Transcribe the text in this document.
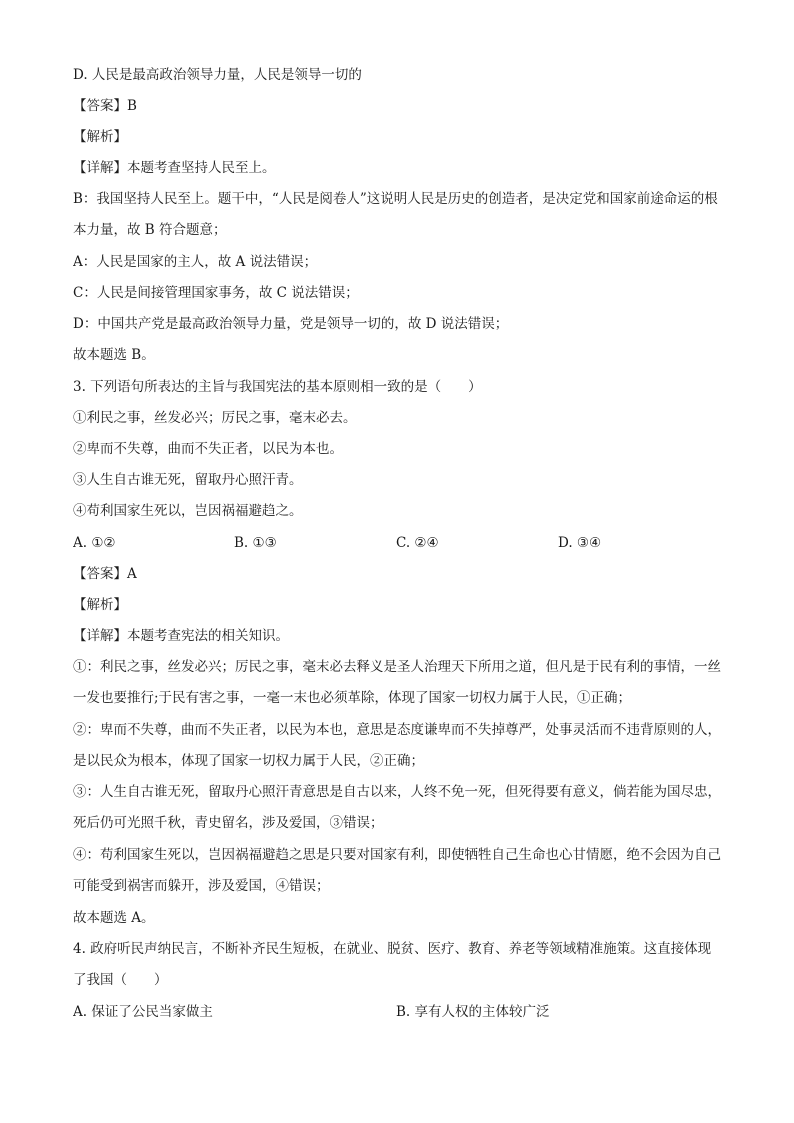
D. 人民是最高政治领导力量，人民是领导一切的
【答案】B
【解析】
【详解】本题考查坚持人民至上。
B：我国坚持人民至上。题干中，“人民是阅卷人”这说明人民是历史的创造者，是决定党和国家前途命运的根本力量，故 B 符合题意；
A：人民是国家的主人，故 A 说法错误；
C：人民是间接管理国家事务，故 C 说法错误；
D：中国共产党是最高政治领导力量，党是领导一切的，故 D 说法错误；
故本题选 B。
3. 下列语句所表达的主旨与我国宪法的基本原则相一致的是（　　）
①利民之事，丝发必兴；厉民之事，毫末必去。
②卑而不失尊，曲而不失正者，以民为本也。
③人生自古谁无死，留取丹心照汗青。
④苟利国家生死以，岂因祸福避趋之。
A. ①②	B. ①③	C. ②④	D. ③④
【答案】A
【解析】
【详解】本题考查宪法的相关知识。
①：利民之事，丝发必兴；厉民之事，毫末必去释义是圣人治理天下所用之道，但凡是于民有利的事情，一丝一发也要推行;于民有害之事，一毫一末也必须革除，体现了国家一切权力属于人民，①正确；
②：卑而不失尊，曲而不失正者，以民为本也，意思是态度谦卑而不失掉尊严，处事灵活而不违背原则的人，是以民众为根本，体现了国家一切权力属于人民，②正确；
③：人生自古谁无死，留取丹心照汗青意思是自古以来，人终不免一死，但死得要有意义，倘若能为国尽忠，死后仍可光照千秋，青史留名，涉及爱国，③错误；
④：苟利国家生死以，岂因祸福避趋之思是只要对国家有利，即使牺牲自己生命也心甘情愿，绝不会因为自己可能受到祸害而躲开，涉及爱国，④错误；
故本题选 A。
4. 政府听民声纳民言，不断补齐民生短板，在就业、脱贫、医疗、教育、养老等领域精准施策。这直接体现了我国（　　）
A. 保证了公民当家做主	B. 享有人权的主体较广泛
